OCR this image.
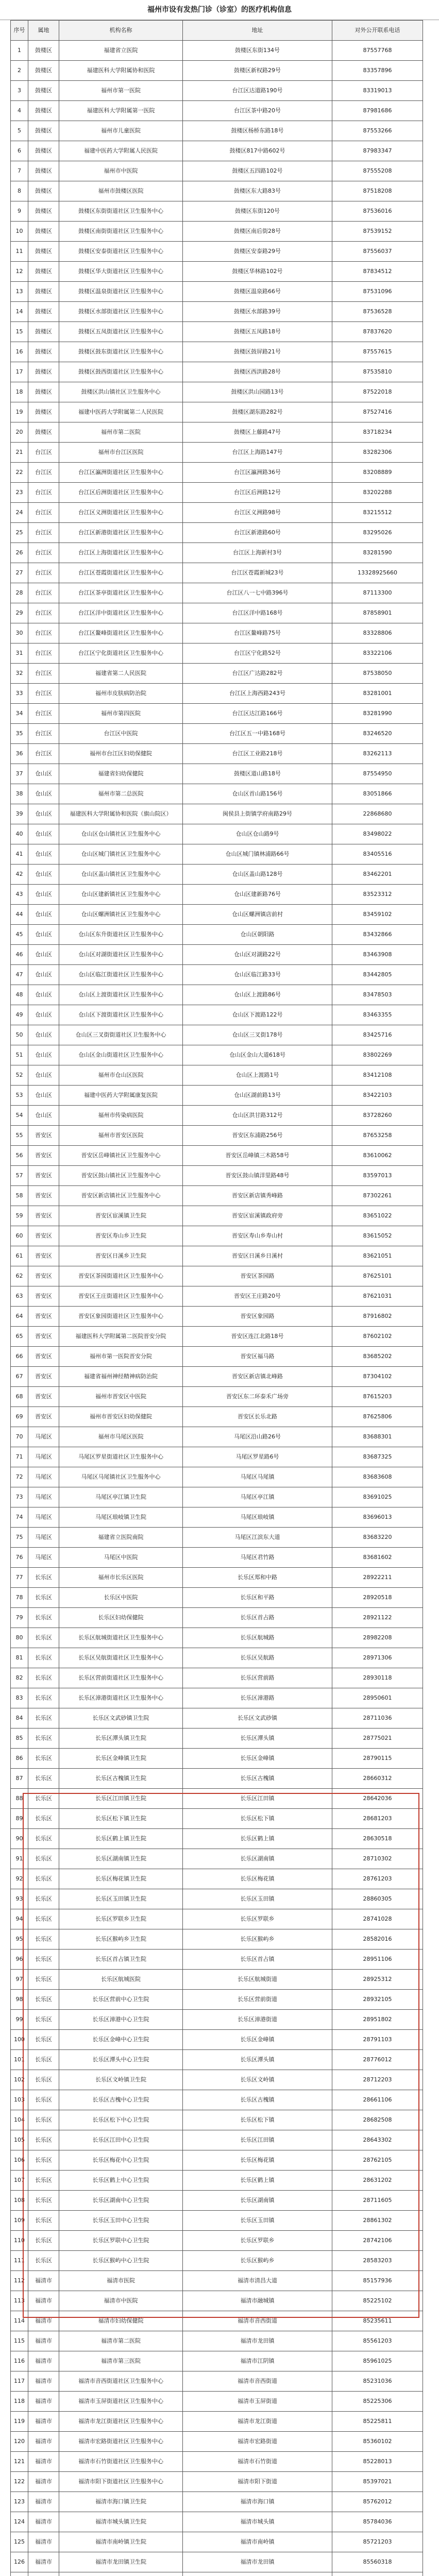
福州市设有发热门诊（诊室）的医疗机构信息
序号	属地	机构名称	地址	对外公开联系电话
1	鼓楼区	福建省立医院	鼓楼区东街134号	87557768
2	鼓楼区	福建医科大学附属协和医院	鼓楼区新权路29号	83357896
3	鼓楼区	福州市第一医院	台江区达道路190号	83319013
4	鼓楼区	福建医科大学附属第一医院	台江区茶中路20号	87981686
5	鼓楼区	福州市儿童医院	鼓楼区杨桥东路18号	87553266
6	鼓楼区	福建中医药大学附属人民医院	鼓楼区817中路602号	87983347
7	鼓楼区	福州市中医院	鼓楼区五四路102号	87555208
8	鼓楼区	福州市鼓楼区医院	鼓楼区东大路83号	87518208
9	鼓楼区	鼓楼区东街街道社区卫生服务中心	鼓楼区东街120号	87536016
10	鼓楼区	鼓楼区南街街道社区卫生服务中心	鼓楼区南后街28号	87539152
11	鼓楼区	鼓楼区安泰街道社区卫生服务中心	鼓楼区安泰路29号	87556037
12	鼓楼区	鼓楼区华大街道社区卫生服务中心	鼓楼区华林路102号	87834512
13	鼓楼区	鼓楼区温泉街道社区卫生服务中心	鼓楼区温泉路66号	87531096
14	鼓楼区	鼓楼区水部街道社区卫生服务中心	鼓楼区水部路39号	87536528
15	鼓楼区	鼓楼区五凤街道社区卫生服务中心	鼓楼区五凤路18号	87837620
16	鼓楼区	鼓楼区鼓东街道社区卫生服务中心	鼓楼区鼓屏路21号	87557615
17	鼓楼区	鼓楼区鼓西街道社区卫生服务中心	鼓楼区西洪路28号	87535810
18	鼓楼区	鼓楼区洪山镇社区卫生服务中心	鼓楼区洪山园路13号	87522018
19	鼓楼区	福建中医药大学附属第二人民医院	鼓楼区湖东路282号	87527416
20	鼓楼区	福州市第二医院	鼓楼区上藤路47号	83718234
21	台江区	福州市台江区医院	台江区上海路147号	83282306
22	台江区	台江区瀛洲街道社区卫生服务中心	台江区瀛洲路36号	83208889
23	台江区	台江区后洲街道社区卫生服务中心	台江区后洲路12号	83202288
24	台江区	台江区义洲街道社区卫生服务中心	台江区义洲路98号	83215512
25	台江区	台江区新港街道社区卫生服务中心	台江区新港路60号	83295026
26	台江区	台江区上海街道社区卫生服务中心	台江区上海新村3号	83281590
27	台江区	台江区苍霞街道社区卫生服务中心	台江区苍霞新城23号	13328925660
28	台江区	台江区茶亭街道社区卫生服务中心	台江区八一七中路396号	87113300
29	台江区	台江区洋中街道社区卫生服务中心	台江区洋中路168号	87858901
30	台江区	台江区鳌峰街道社区卫生服务中心	台江区鳌峰路75号	83328806
31	台江区	台江区宁化街道社区卫生服务中心	台江区宁化路52号	83322106
32	台江区	福建省第二人民医院	台江区广达路282号	87538050
33	台江区	福州市皮肤病防治院	台江区上海西路243号	83281001
34	台江区	福州市第四医院	台江区达江路166号	83281990
35	台江区	台江区中医院	台江区五一中路168号	83246520
36	台江区	福州市台江区妇幼保健院	台江区工业路218号	83262113
37	仓山区	福建省妇幼保健院	鼓楼区道山路18号	87554950
38	仓山区	福州市第二总医院	仓山区首山路156号	83051866
39	仓山区	福建医科大学附属协和医院（旗山院区）	闽侯县上街镇学府南路29号	22868680
40	仓山区	仓山区仓山镇社区卫生服务中心	仓山区仓山路9号	83498022
41	仓山区	仓山区城门镇社区卫生服务中心	仓山区城门镇林浦路66号	83405516
42	仓山区	仓山区盖山镇社区卫生服务中心	仓山区盖山路128号	83462201
43	仓山区	仓山区建新镇社区卫生服务中心	仓山区建新路76号	83523312
44	仓山区	仓山区螺洲镇社区卫生服务中心	仓山区螺洲镇店前村	83459102
45	仓山区	仓山区东升街道社区卫生服务中心	仓山区朝阳路	83432866
46	仓山区	仓山区对湖街道社区卫生服务中心	仓山区对湖路22号	83463908
47	仓山区	仓山区临江街道社区卫生服务中心	仓山区临江路33号	83442805
48	仓山区	仓山区上渡街道社区卫生服务中心	仓山区上渡路86号	83478503
49	仓山区	仓山区下渡街道社区卫生服务中心	仓山区下渡路122号	83463355
50	仓山区	仓山区三叉街街道社区卫生服务中心	仓山区三叉街178号	83425716
51	仓山区	仓山区金山街道社区卫生服务中心	仓山区金山大道618号	83802269
52	仓山区	福州市仓山区医院	仓山区上渡路1号	83412108
53	仓山区	福建中医药大学附属康复医院	仓山区湖前路13号	83422103
54	仓山区	福州市传染病医院	仓山区洪甘路312号	83728260
55	晋安区	福州市晋安区医院	晋安区东浦路256号	87653258
56	晋安区	晋安区岳峰镇社区卫生服务中心	晋安区岳峰镇三木路58号	83610062
57	晋安区	晋安区鼓山镇社区卫生服务中心	晋安区鼓山镇洋里路48号	83597013
58	晋安区	晋安区新店镇社区卫生服务中心	晋安区新店镇秀峰路	87302261
59	晋安区	晋安区宦溪镇卫生院	晋安区宦溪镇政府旁	83651022
60	晋安区	晋安区寿山乡卫生院	晋安区寿山乡寿山村	83615052
61	晋安区	晋安区日溪乡卫生院	晋安区日溪乡日溪村	83621051
62	晋安区	晋安区茶园街道社区卫生服务中心	晋安区茶园路	87625101
63	晋安区	晋安区王庄街道社区卫生服务中心	晋安区王庄路20号	87621031
64	晋安区	晋安区象园街道社区卫生服务中心	晋安区象园路	87916802
65	晋安区	福建医科大学附属第二医院晋安分院	晋安区连江北路18号	87602102
66	晋安区	福州市第一医院晋安分院	晋安区福马路	83685202
67	晋安区	福建省福州神经精神病防治院	晋安区新店镇北峰路	87304102
68	晋安区	福州市晋安区中医院	晋安区东二环泰禾广场旁	87615203
69	晋安区	福州市晋安区妇幼保健院	晋安区长乐北路	87625806
70	马尾区	福州市马尾区医院	马尾区沿山路26号	83688301
71	马尾区	马尾区罗星街道社区卫生服务中心	马尾区罗星路6号	83687325
72	马尾区	马尾区马尾镇社区卫生服务中心	马尾区马尾镇	83683608
73	马尾区	马尾区亭江镇卫生院	马尾区亭江镇	83691025
74	马尾区	马尾区琅岐镇卫生院	马尾区琅岐镇	83696013
75	马尾区	福建省立医院南院	马尾区江滨东大道	83683220
76	马尾区	马尾区中医院	马尾区君竹路	83681602
77	长乐区	福州市长乐区医院	长乐区郑和中路	28922211
78	长乐区	长乐区中医院	长乐区和平路	28920518
79	长乐区	长乐区妇幼保健院	长乐区首占路	28921122
80	长乐区	长乐区航城街道社区卫生服务中心	长乐区航城路	28982208
81	长乐区	长乐区吴航街道社区卫生服务中心	长乐区吴航路	28971306
82	长乐区	长乐区营前街道社区卫生服务中心	长乐区营前路	28930118
83	长乐区	长乐区漳港街道社区卫生服务中心	长乐区漳港路	28950601
84	长乐区	长乐区文武砂镇卫生院	长乐区文武砂镇	28711036
85	长乐区	长乐区潭头镇卫生院	长乐区潭头镇	28775021
86	长乐区	长乐区金峰镇卫生院	长乐区金峰镇	28790115
87	长乐区	长乐区古槐镇卫生院	长乐区古槐镇	28660312
88	长乐区	长乐区江田镇卫生院	长乐区江田镇	28642036
89	长乐区	长乐区松下镇卫生院	长乐区松下镇	28681203
90	长乐区	长乐区鹤上镇卫生院	长乐区鹤上镇	28630518
91	长乐区	长乐区湖南镇卫生院	长乐区湖南镇	28710302
92	长乐区	长乐区梅花镇卫生院	长乐区梅花镇	28761203
93	长乐区	长乐区玉田镇卫生院	长乐区玉田镇	28860305
94	长乐区	长乐区罗联乡卫生院	长乐区罗联乡	28741028
95	长乐区	长乐区猴屿乡卫生院	长乐区猴屿乡	28582016
96	长乐区	长乐区首占镇卫生院	长乐区首占镇	28951106
97	长乐区	长乐区航城医院	长乐区航城街道	28925312
98	长乐区	长乐区营前中心卫生院	长乐区营前街道	28932105
99	长乐区	长乐区漳港中心卫生院	长乐区漳港街道	28951802
100	长乐区	长乐区金峰中心卫生院	长乐区金峰镇	28791103
101	长乐区	长乐区潭头中心卫生院	长乐区潭头镇	28776012
102	长乐区	长乐区文岭镇卫生院	长乐区文岭镇	28712203
103	长乐区	长乐区古槐中心卫生院	长乐区古槐镇	28661106
104	长乐区	长乐区松下中心卫生院	长乐区松下镇	28682508
105	长乐区	长乐区江田中心卫生院	长乐区江田镇	28643302
106	长乐区	长乐区梅花中心卫生院	长乐区梅花镇	28762105
107	长乐区	长乐区鹤上中心卫生院	长乐区鹤上镇	28631202
108	长乐区	长乐区湖南中心卫生院	长乐区湖南镇	28711605
109	长乐区	长乐区玉田中心卫生院	长乐区玉田镇	28861302
110	长乐区	长乐区罗联中心卫生院	长乐区罗联乡	28742106
111	长乐区	长乐区猴屿中心卫生院	长乐区猴屿乡	28583203
112	福清市	福清市医院	福清市清昌大道	85157936
113	福清市	福清市中医院	福清市融城镇	85225102
114	福清市	福清市妇幼保健院	福清市音西街道	85235611
115	福清市	福清市第二医院	福清市龙田镇	85561203
116	福清市	福清市第三医院	福清市江阴镇	85961025
117	福清市	福清市音西街道社区卫生服务中心	福清市音西街道	85231036
118	福清市	福清市玉屏街道社区卫生服务中心	福清市玉屏街道	85225306
119	福清市	福清市龙江街道社区卫生服务中心	福清市龙江街道	85225811
120	福清市	福清市宏路街道社区卫生服务中心	福清市宏路街道	85360102
121	福清市	福清市石竹街道社区卫生服务中心	福清市石竹街道	85228013
122	福清市	福清市阳下街道社区卫生服务中心	福清市阳下街道	85397021
123	福清市	福清市海口镇卫生院	福清市海口镇	85762012
124	福清市	福清市城头镇卫生院	福清市城头镇	85784036
125	福清市	福清市南岭镇卫生院	福清市南岭镇	85721203
126	福清市	福清市龙田镇卫生院	福清市龙田镇	85560318
